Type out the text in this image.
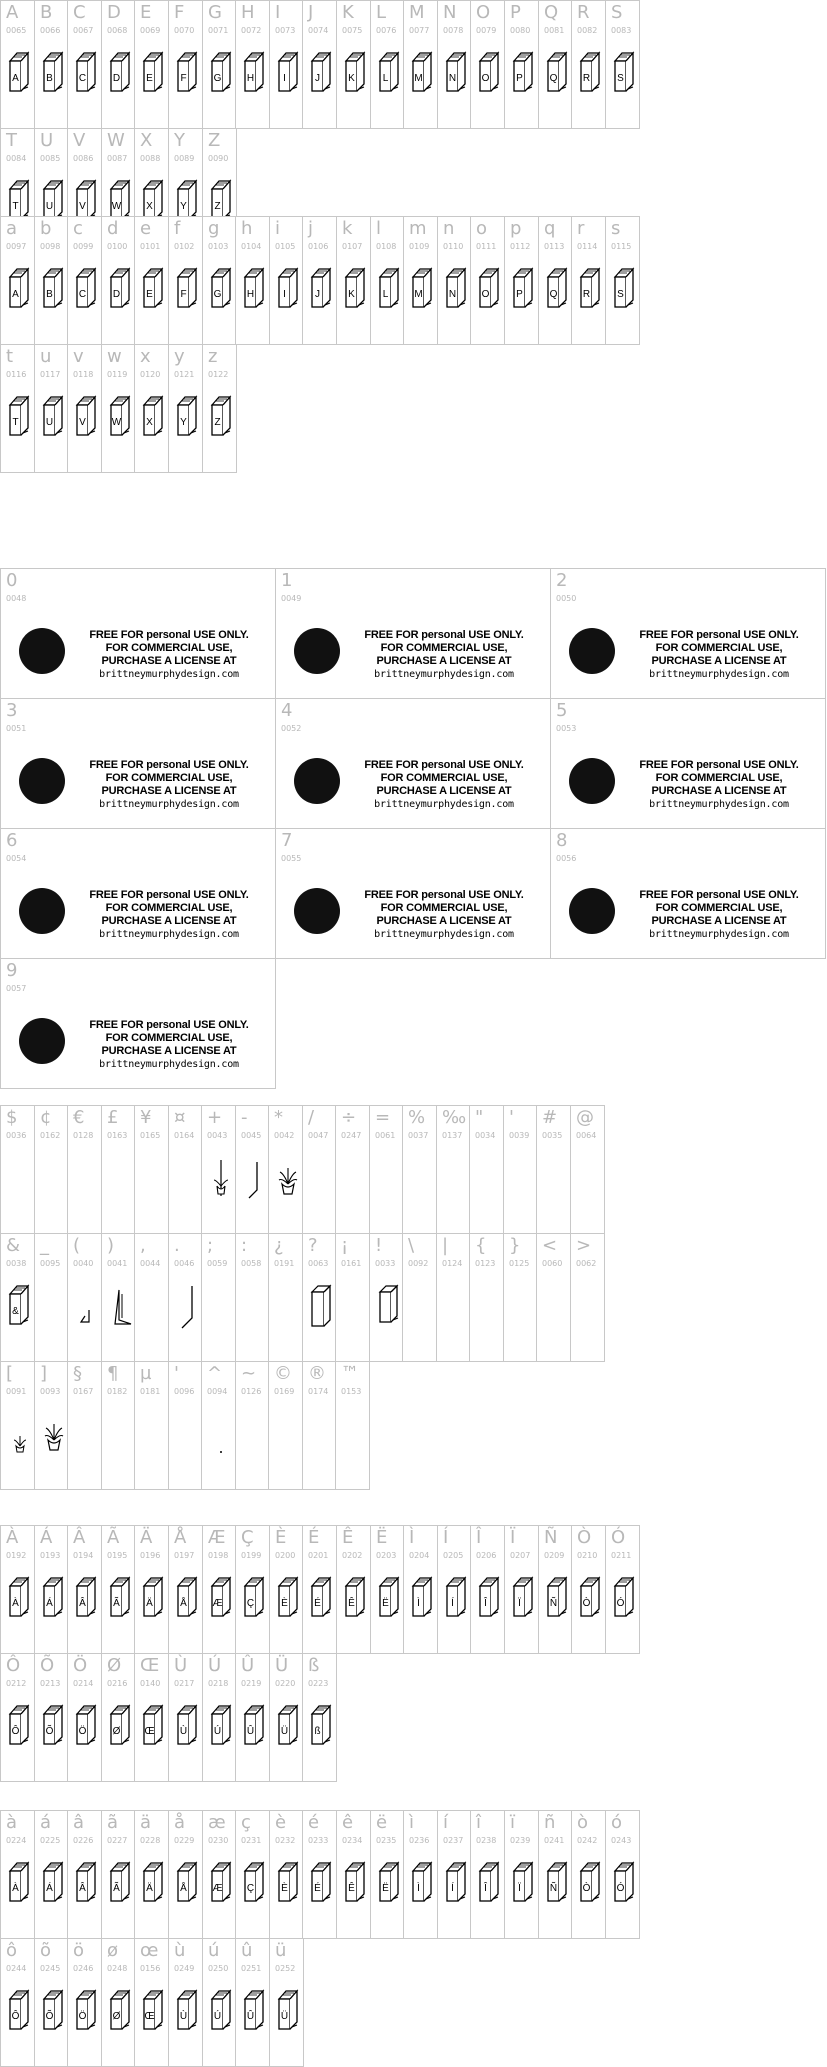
A
0065
A
B
0066
B
C
0067
C
D
0068
D
E
0069
E
F
0070
F
G
0071
G
H
0072
H
I
0073
I
J
0074
J
K
0075
K
L
0076
L
M
0077
M
N
0078
N
O
0079
O
P
0080
P
Q
0081
Q
R
0082
R
S
0083
S
T
0084
T
U
0085
U
V
0086
V
W
0087
W
X
0088
X
Y
0089
Y
Z
0090
Z
a
0097
A
b
0098
B
c
0099
C
d
0100
D
e
0101
E
f
0102
F
g
0103
G
h
0104
H
i
0105
I
j
0106
J
k
0107
K
l
0108
L
m
0109
M
n
0110
N
o
0111
O
p
0112
P
q
0113
Q
r
0114
R
s
0115
S
t
0116
T
u
0117
U
v
0118
V
w
0119
W
x
0120
X
y
0121
Y
z
0122
Z
$
0036
¢
0162
€
0128
£
0163
¥
0165
¤
0164
+
0043
-
0045
*
0042
/
0047
÷
0247
=
0061
%
0037
‰
0137
"
0034
'
0039
#
0035
@
0064
&
0038
&
_
0095
(
0040
)
0041
,
0044
.
0046
;
0059
:
0058
¿
0191
?
0063
¡
0161
!
0033
\
0092
|
0124
{
0123
}
0125
<
0060
>
0062
[
0091
]
0093
§
0167
¶
0182
µ
0181
'
0096
^
0094
~
0126
©
0169
®
0174
™
0153
À
0192
À
Á
0193
Á
Â
0194
Â
Ã
0195
Ã
Ä
0196
Ä
Å
0197
Å
Æ
0198
Æ
Ç
0199
Ç
È
0200
È
É
0201
É
Ê
0202
Ê
Ë
0203
Ë
Ì
0204
Ì
Í
0205
Í
Î
0206
Î
Ï
0207
Ï
Ñ
0209
Ñ
Ò
0210
Ò
Ó
0211
Ó
Ô
0212
Ô
Õ
0213
Õ
Ö
0214
Ö
Ø
0216
Ø
Œ
0140
Œ
Ù
0217
Ù
Ú
0218
Ú
Û
0219
Û
Ü
0220
Ü
ß
0223
ß
à
0224
À
á
0225
Á
â
0226
Â
ã
0227
Ã
ä
0228
Ä
å
0229
Å
æ
0230
Æ
ç
0231
Ç
è
0232
È
é
0233
É
ê
0234
Ê
ë
0235
Ë
ì
0236
Ì
í
0237
Í
î
0238
Î
ï
0239
Ï
ñ
0241
Ñ
ò
0242
Ò
ó
0243
Ó
ô
0244
Ô
õ
0245
Õ
ö
0246
Ö
ø
0248
Ø
œ
0156
Œ
ù
0249
Ù
ú
0250
Ú
û
0251
Û
ü
0252
Ü
0
0048
FREE FOR personal USE ONLY.
FOR COMMERCIAL USE,
PURCHASE A LICENSE AT
brittneymurphydesign.com
1
0049
FREE FOR personal USE ONLY.
FOR COMMERCIAL USE,
PURCHASE A LICENSE AT
brittneymurphydesign.com
2
0050
FREE FOR personal USE ONLY.
FOR COMMERCIAL USE,
PURCHASE A LICENSE AT
brittneymurphydesign.com
3
0051
FREE FOR personal USE ONLY.
FOR COMMERCIAL USE,
PURCHASE A LICENSE AT
brittneymurphydesign.com
4
0052
FREE FOR personal USE ONLY.
FOR COMMERCIAL USE,
PURCHASE A LICENSE AT
brittneymurphydesign.com
5
0053
FREE FOR personal USE ONLY.
FOR COMMERCIAL USE,
PURCHASE A LICENSE AT
brittneymurphydesign.com
6
0054
FREE FOR personal USE ONLY.
FOR COMMERCIAL USE,
PURCHASE A LICENSE AT
brittneymurphydesign.com
7
0055
FREE FOR personal USE ONLY.
FOR COMMERCIAL USE,
PURCHASE A LICENSE AT
brittneymurphydesign.com
8
0056
FREE FOR personal USE ONLY.
FOR COMMERCIAL USE,
PURCHASE A LICENSE AT
brittneymurphydesign.com
9
0057
FREE FOR personal USE ONLY.
FOR COMMERCIAL USE,
PURCHASE A LICENSE AT
brittneymurphydesign.com
